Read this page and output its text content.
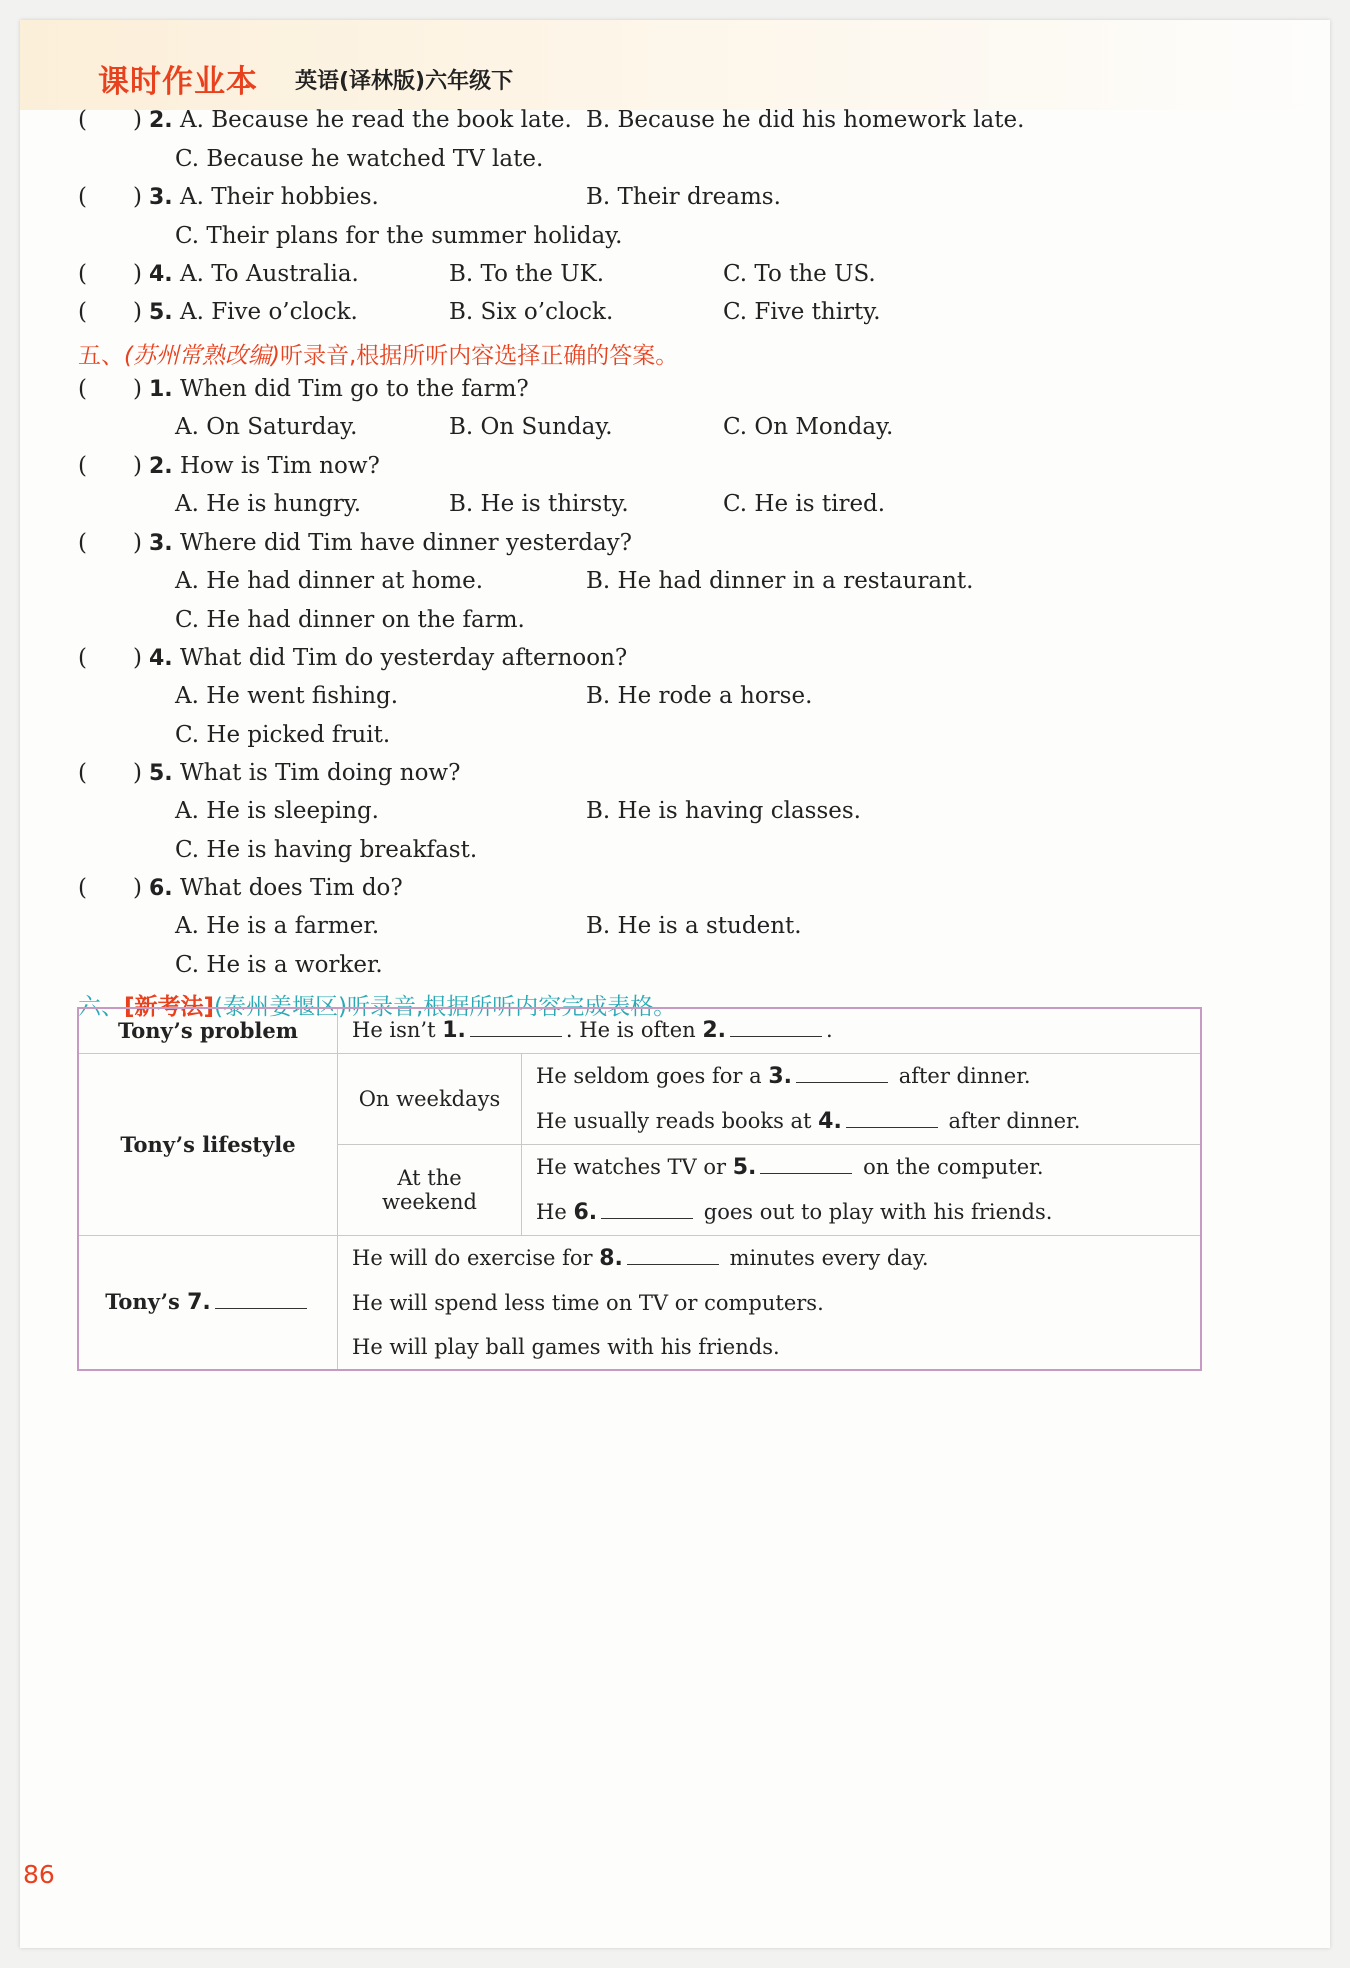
课时作业本 英语(译林版)六年级下
( ) 2. A. Because he read the book late. B. Because he did his homework late.
C. Because he watched TV late.
( ) 3. A. Their hobbies.	B. Their dreams.
C. Their plans for the summer holiday.
( ) 4. A. To Australia.	B. To the UK.	C. To the US.
( ) 5. A. Five o’clock.	B. Six o’clock.	C. Five thirty.
五、(苏州常熟改编)听录音,根据所听内容选择正确的答案。
( ) 1. When did Tim go to the farm?
A. On Saturday.	B. On Sunday.	C. On Monday.
( ) 2. How is Tim now?
A. He is hungry.	B. He is thirsty.	C. He is tired.
( ) 3. Where did Tim have dinner yesterday?
A. He had dinner at home.	B. He had dinner in a restaurant.
C. He had dinner on the farm.
( ) 4. What did Tim do yesterday afternoon?
A. He went fishing.	B. He rode a horse.
C. He picked fruit.
( ) 5. What is Tim doing now?
A. He is sleeping.	B. He is having classes.
C. He is having breakfast.
( ) 6. What does Tim do?
A. He is a farmer.	B. He is a student.
C. He is a worker.
六、[新考法](泰州姜堰区)听录音,根据所听内容完成表格。
Tony’s problem	He isn’t 1. . He is often 2. .	
Tony’s lifestyle	On weekdays	He seldom goes for a 3. after dinner.
He usually reads books at 4. after dinner.

	At the weekend	He watches TV or 5. on the computer.
He 6. goes out to play with his friends.

Tony’s 7.	He will do exercise for 8. minutes every day.
He will spend less time on TV or computers.
He will play ball games with his friends.	
86
